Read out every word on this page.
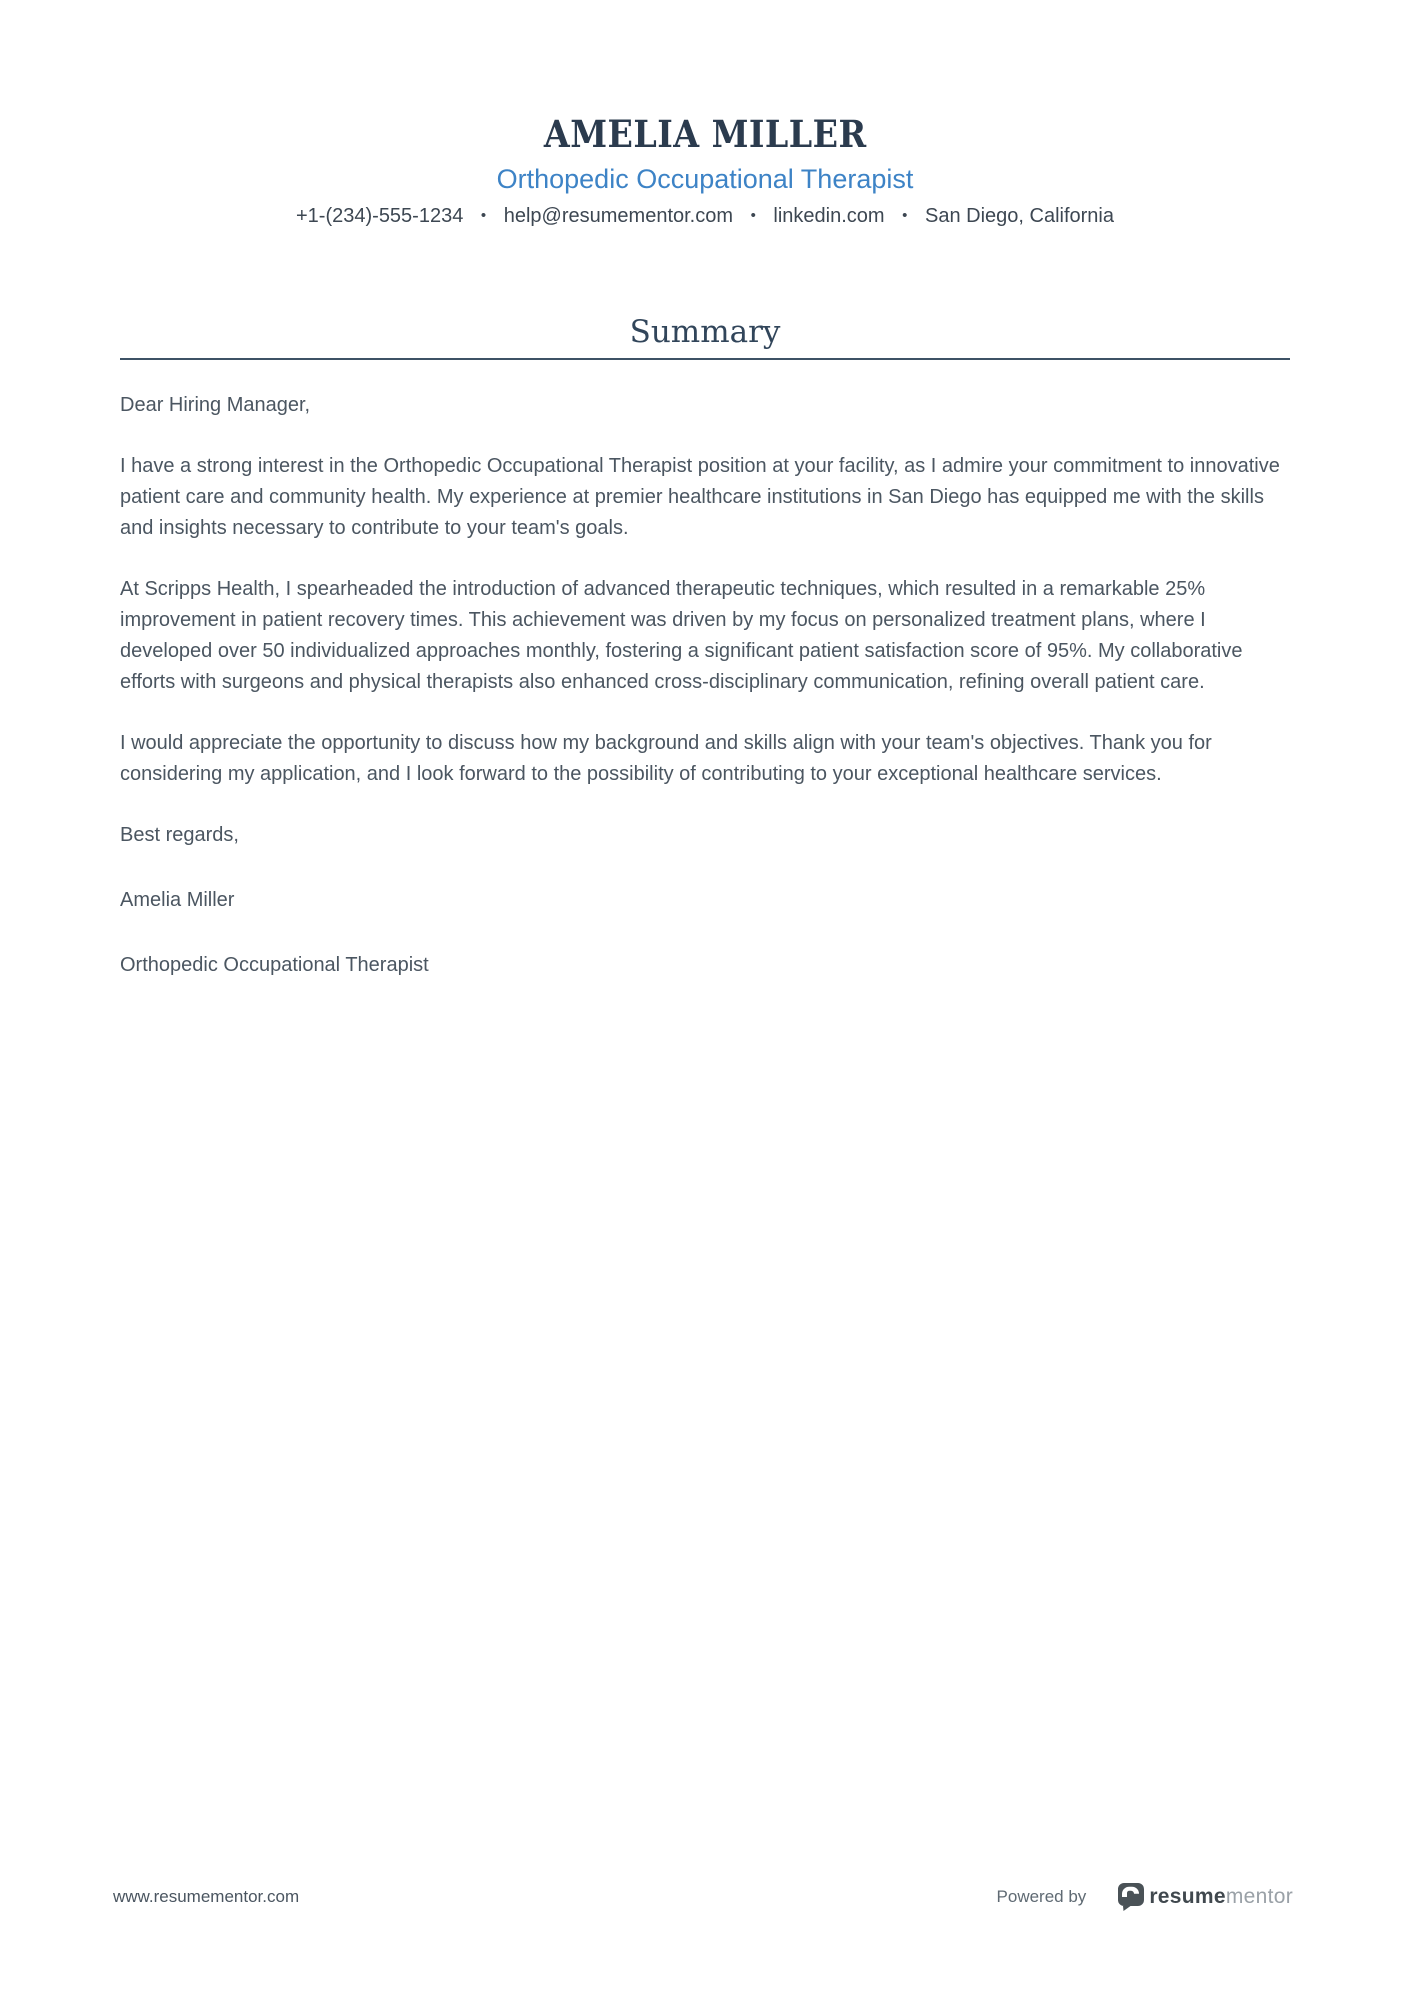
AMELIA MILLER
Orthopedic Occupational Therapist
+1-(234)-555-1234 • help@resumementor.com • linkedin.com • San Diego, California
Summary

Dear Hiring Manager,

I have a strong interest in the Orthopedic Occupational Therapist position at your facility, as I admire your commitment to innovative patient care and community health. My experience at premier healthcare institutions in San Diego has equipped me with the skills and insights necessary to contribute to your team's goals.

At Scripps Health, I spearheaded the introduction of advanced therapeutic techniques, which resulted in a remarkable 25% improvement in patient recovery times. This achievement was driven by my focus on personalized treatment plans, where I developed over 50 individualized approaches monthly, fostering a significant patient satisfaction score of 95%. My collaborative efforts with surgeons and physical therapists also enhanced cross-disciplinary communication, refining overall patient care.

I would appreciate the opportunity to discuss how my background and skills align with your team's objectives. Thank you for considering my application, and I look forward to the possibility of contributing to your exceptional healthcare services.

Best regards,

Amelia Miller

Orthopedic Occupational Therapist

www.resumementor.com	Powered by	resume mentor
